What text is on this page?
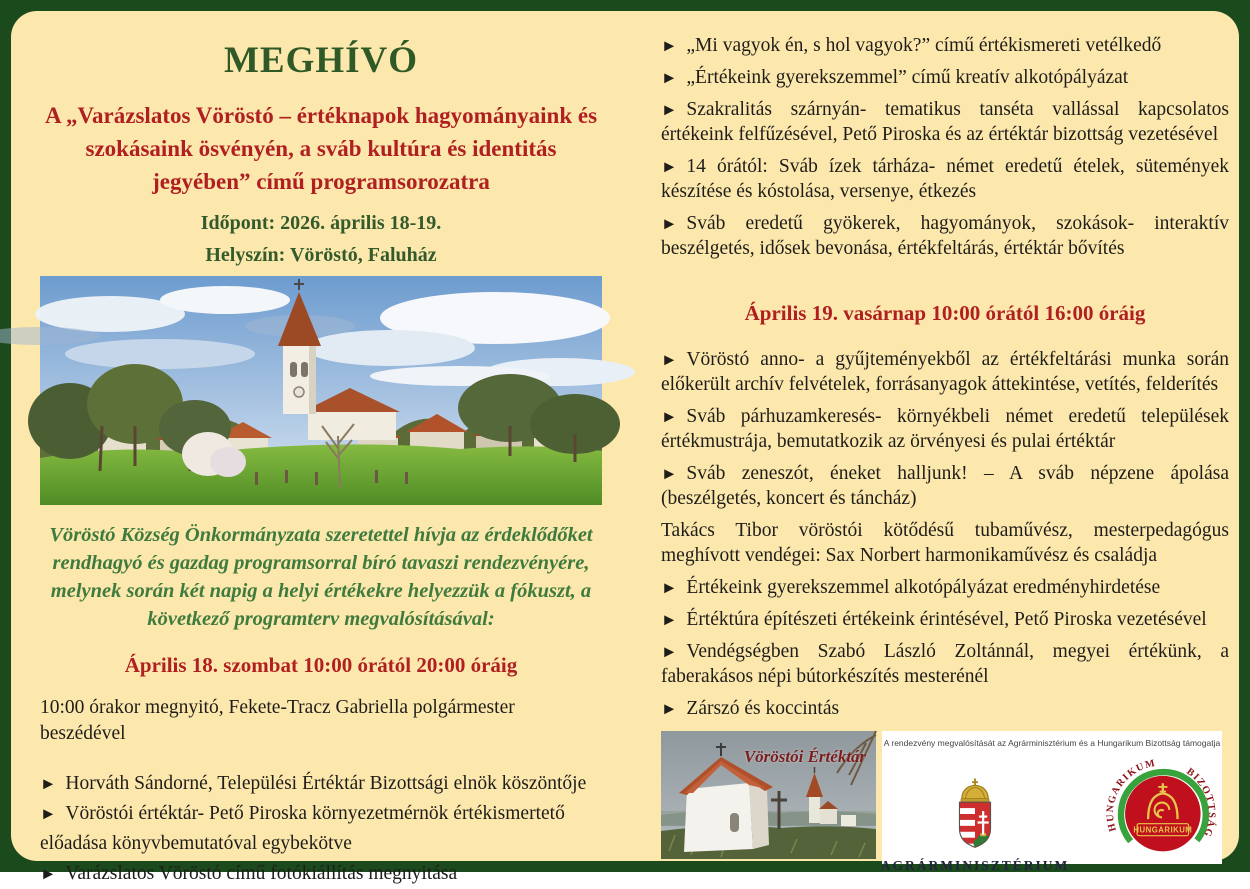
MEGHÍVÓ

A „Varázslatos Vöröstó – értéknapok hagyományaink és szokásaink ösvényén, a sváb kultúra és identitás jegyében” című programsorozatra

Időpont: 2026. április 18-19.

Helyszín: Vöröstó, Faluház

Vöröstó Község Önkormányzata szeretettel hívja az érdeklődőket rendhagyó és gazdag programsorral bíró tavaszi rendezvényére, melynek során két napig a helyi értékekre helyezzük a fókuszt, a következő programterv megvalósításával:

Április 18. szombat 10:00 órától 20:00 óráig

10:00 órakor megnyitó, Fekete-Tracz Gabriella polgármester beszédével

► Horváth Sándorné, Települési Értéktár Bizottsági elnök köszöntője

► Vöröstói értéktár- Pető Piroska környezetmérnök értékismertető előadása könyvbemutatóval egybekötve

► Varázslatos Vöröstó című fotókiállítás megnyitása

► „Mi vagyok én, s hol vagyok?” című értékismereti vetélkedő

► „Értékeink gyerekszemmel” című kreatív alkotópályázat

► Szakralitás szárnyán- tematikus tanséta vallással kapcsolatos értékeink felfűzésével, Pető Piroska és az értéktár bizottság vezetésével

► 14 órától: Sváb ízek tárháza- német eredetű ételek, sütemények készítése és kóstolása, versenye, étkezés

► Sváb eredetű gyökerek, hagyományok, szokások- interaktív beszélgetés, idősek bevonása, értékfeltárás, értéktár bővítés

Április 19. vasárnap 10:00 órától 16:00 óráig

► Vöröstó anno- a gyűjteményekből az értékfeltárási munka során előkerült archív felvételek, forrásanyagok áttekintése, vetítés, felderítés

► Sváb párhuzamkeresés- környékbeli német eredetű települések értékmustrája, bemutatkozik az örvényesi és pulai értéktár

► Sváb zeneszót, éneket halljunk! – A sváb népzene ápolása (beszélgetés, koncert és táncház)

Takács Tibor vöröstói kötődésű tubaművész, mesterpedagógus meghívott vendégei: Sax Norbert harmonikaművész és családja

► Értékeink gyerekszemmel alkotópályázat eredményhirdetése

► Értéktúra építészeti értékeink érintésével, Pető Piroska vezetésével

► Vendégségben Szabó László Zoltánnál, megyei értékünk, a faberakásos népi bútorkészítés mesterénél

► Zárszó és koccintás

Vöröstói Értéktár

A rendezvény megvalósítását az Agrárminisztérium és a Hungarikum Bizottság támogatja

AGRÁRMINISZTÉRIUM

HUNGARIKUM
HUNGARIKUM BIZOTTSÁG
